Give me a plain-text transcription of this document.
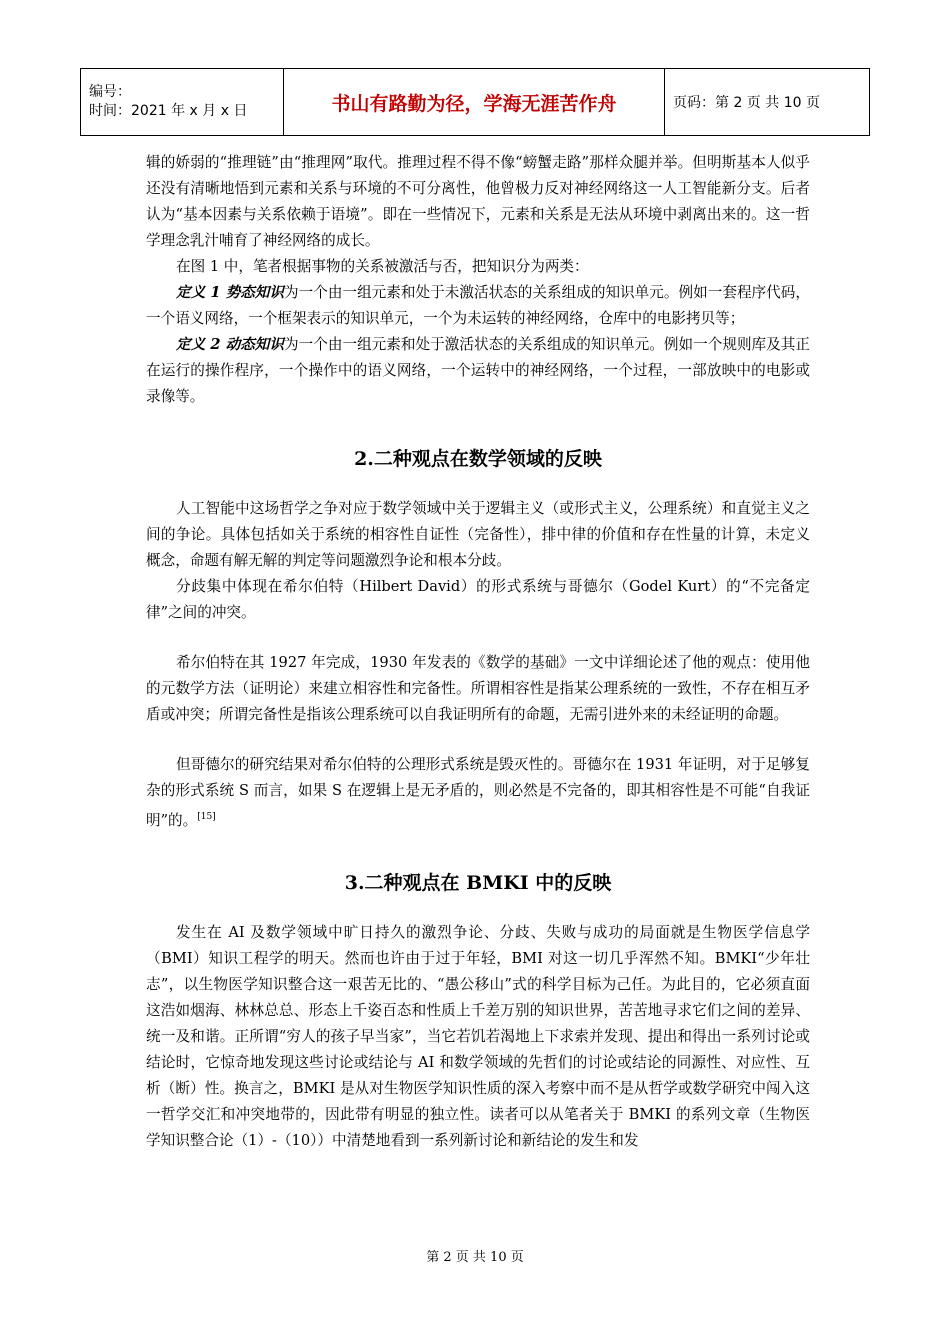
编号：
时间：2021 年 x 月 x 日	书山有路勤为径，学海无涯苦作舟	页码：第 2 页 共 10 页

辑的娇弱的“推理链”由“推理网”取代。推理过程不得不像“螃蟹走路”那样众腿并举。但明斯基本人似乎还没有清晰地悟到元素和关系与环境的不可分离性，他曾极力反对神经网络这一人工智能新分支。后者认为“基本因素与关系依赖于语境”。即在一些情况下，元素和关系是无法从环境中剥离出来的。这一哲学理念乳汁哺育了神经网络的成长。

在图 1 中，笔者根据事物的关系被激活与否，把知识分为两类：

定义 1 势态知识为一个由一组元素和处于未激活状态的关系组成的知识单元。例如一套程序代码，一个语义网络，一个框架表示的知识单元，一个为未运转的神经网络，仓库中的电影拷贝等；

定义 2 动态知识为一个由一组元素和处于激活状态的关系组成的知识单元。例如一个规则库及其正在运行的操作程序，一个操作中的语义网络，一个运转中的神经网络，一个过程，一部放映中的电影或录像等。

2.二种观点在数学领域的反映

人工智能中这场哲学之争对应于数学领域中关于逻辑主义（或形式主义，公理系统）和直觉主义之间的争论。具体包括如关于系统的相容性自证性（完备性），排中律的价值和存在性量的计算，未定义概念，命题有解无解的判定等问题激烈争论和根本分歧。

分歧集中体现在希尔伯特（Hilbert David）的形式系统与哥德尔（Godel Kurt）的“不完备定律”之间的冲突。

希尔伯特在其 1927 年完成，1930 年发表的《数学的基础》一文中详细论述了他的观点：使用他的元数学方法（证明论）来建立相容性和完备性。所谓相容性是指某公理系统的一致性，不存在相互矛盾或冲突；所谓完备性是指该公理系统可以自我证明所有的命题，无需引进外来的未经证明的命题。

但哥德尔的研究结果对希尔伯特的公理形式系统是毁灭性的。哥德尔在 1931 年证明，对于足够复杂的形式系统 S 而言，如果 S 在逻辑上是无矛盾的，则必然是不完备的，即其相容性是不可能“自我证明”的。[15]

3.二种观点在 BMKI 中的反映

发生在 AI 及数学领域中旷日持久的激烈争论、分歧、失败与成功的局面就是生物医学信息学（BMI）知识工程学的明天。然而也许由于过于年轻，BMI 对这一切几乎浑然不知。BMKI“少年壮志”，以生物医学知识整合这一艰苦无比的、“愚公移山”式的科学目标为己任。为此目的，它必须直面这浩如烟海、林林总总、形态上千姿百态和性质上千差万别的知识世界，苦苦地寻求它们之间的差异、统一及和谐。正所谓“穷人的孩子早当家”，当它若饥若渴地上下求索并发现、提出和得出一系列讨论或结论时，它惊奇地发现这些讨论或结论与 AI 和数学领域的先哲们的讨论或结论的同源性、对应性、互析（断）性。换言之，BMKI 是从对生物医学知识性质的深入考察中而不是从哲学或数学研究中闯入这一哲学交汇和冲突地带的，因此带有明显的独立性。读者可以从笔者关于 BMKI 的系列文章（生物医学知识整合论（1）-（10））中清楚地看到一系列新讨论和新结论的发生和发

第 2 页 共 10 页
